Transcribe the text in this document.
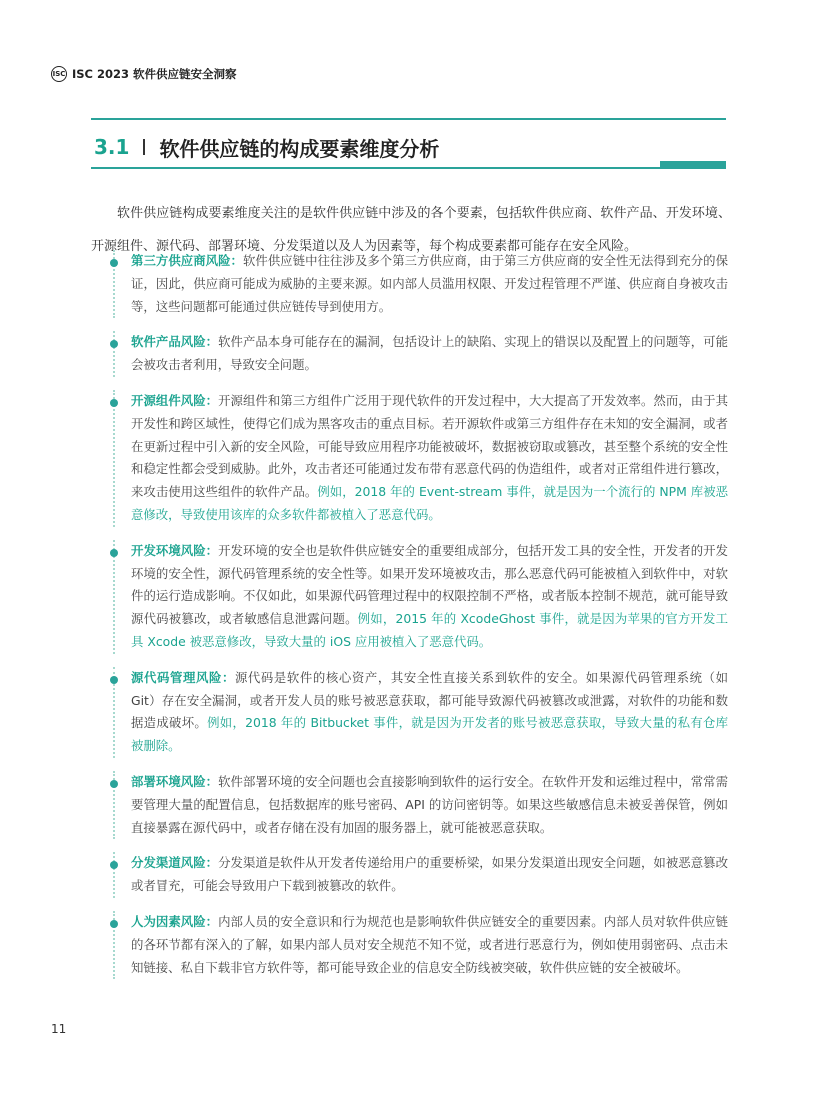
ISC ISC 2023 软件供应链安全洞察
3.1 软件供应链的构成要素维度分析

软件供应链构成要素维度关注的是软件供应链中涉及的各个要素，包括软件供应商、软件产品、开发环境、开源组件、源代码、部署环境、分发渠道以及人为因素等，每个构成要素都可能存在安全风险。

第三方供应商风险：软件供应链中往往涉及多个第三方供应商，由于第三方供应商的安全性无法得到充分的保证，因此，供应商可能成为威胁的主要来源。如内部人员滥用权限、开发过程管理不严谨、供应商自身被攻击等，这些问题都可能通过供应链传导到使用方。
软件产品风险：软件产品本身可能存在的漏洞，包括设计上的缺陷、实现上的错误以及配置上的问题等，可能会被攻击者利用，导致安全问题。
开源组件风险：开源组件和第三方组件广泛用于现代软件的开发过程中，大大提高了开发效率。然而，由于其开发性和跨区域性，使得它们成为黑客攻击的重点目标。若开源软件或第三方组件存在未知的安全漏洞，或者在更新过程中引入新的安全风险，可能导致应用程序功能被破坏，数据被窃取或篡改，甚至整个系统的安全性和稳定性都会受到威胁。此外，攻击者还可能通过发布带有恶意代码的伪造组件，或者对正常组件进行篡改，来攻击使用这些组件的软件产品。例如，2018 年的 Event-stream 事件，就是因为一个流行的 NPM 库被恶意修改，导致使用该库的众多软件都被植入了恶意代码。
开发环境风险：开发环境的安全也是软件供应链安全的重要组成部分，包括开发工具的安全性，开发者的开发环境的安全性，源代码管理系统的安全性等。如果开发环境被攻击，那么恶意代码可能被植入到软件中，对软件的运行造成影响。不仅如此，如果源代码管理过程中的权限控制不严格，或者版本控制不规范，就可能导致源代码被篡改，或者敏感信息泄露问题。例如，2015 年的 XcodeGhost 事件，就是因为苹果的官方开发工具 Xcode 被恶意修改，导致大量的 iOS 应用被植入了恶意代码。
源代码管理风险：源代码是软件的核心资产，其安全性直接关系到软件的安全。如果源代码管理系统（如 Git）存在安全漏洞，或者开发人员的账号被恶意获取，都可能导致源代码被篡改或泄露，对软件的功能和数据造成破坏。例如，2018 年的 Bitbucket 事件，就是因为开发者的账号被恶意获取，导致大量的私有仓库被删除。
部署环境风险：软件部署环境的安全问题也会直接影响到软件的运行安全。在软件开发和运维过程中，常常需要管理大量的配置信息，包括数据库的账号密码、API 的访问密钥等。如果这些敏感信息未被妥善保管，例如直接暴露在源代码中，或者存储在没有加固的服务器上，就可能被恶意获取。
分发渠道风险：分发渠道是软件从开发者传递给用户的重要桥梁，如果分发渠道出现安全问题，如被恶意篡改或者冒充，可能会导致用户下载到被篡改的软件。
人为因素风险：内部人员的安全意识和行为规范也是影响软件供应链安全的重要因素。内部人员对软件供应链的各环节都有深入的了解，如果内部人员对安全规范不知不觉，或者进行恶意行为，例如使用弱密码、点击未知链接、私自下载非官方软件等，都可能导致企业的信息安全防线被突破，软件供应链的安全被破坏。
11
